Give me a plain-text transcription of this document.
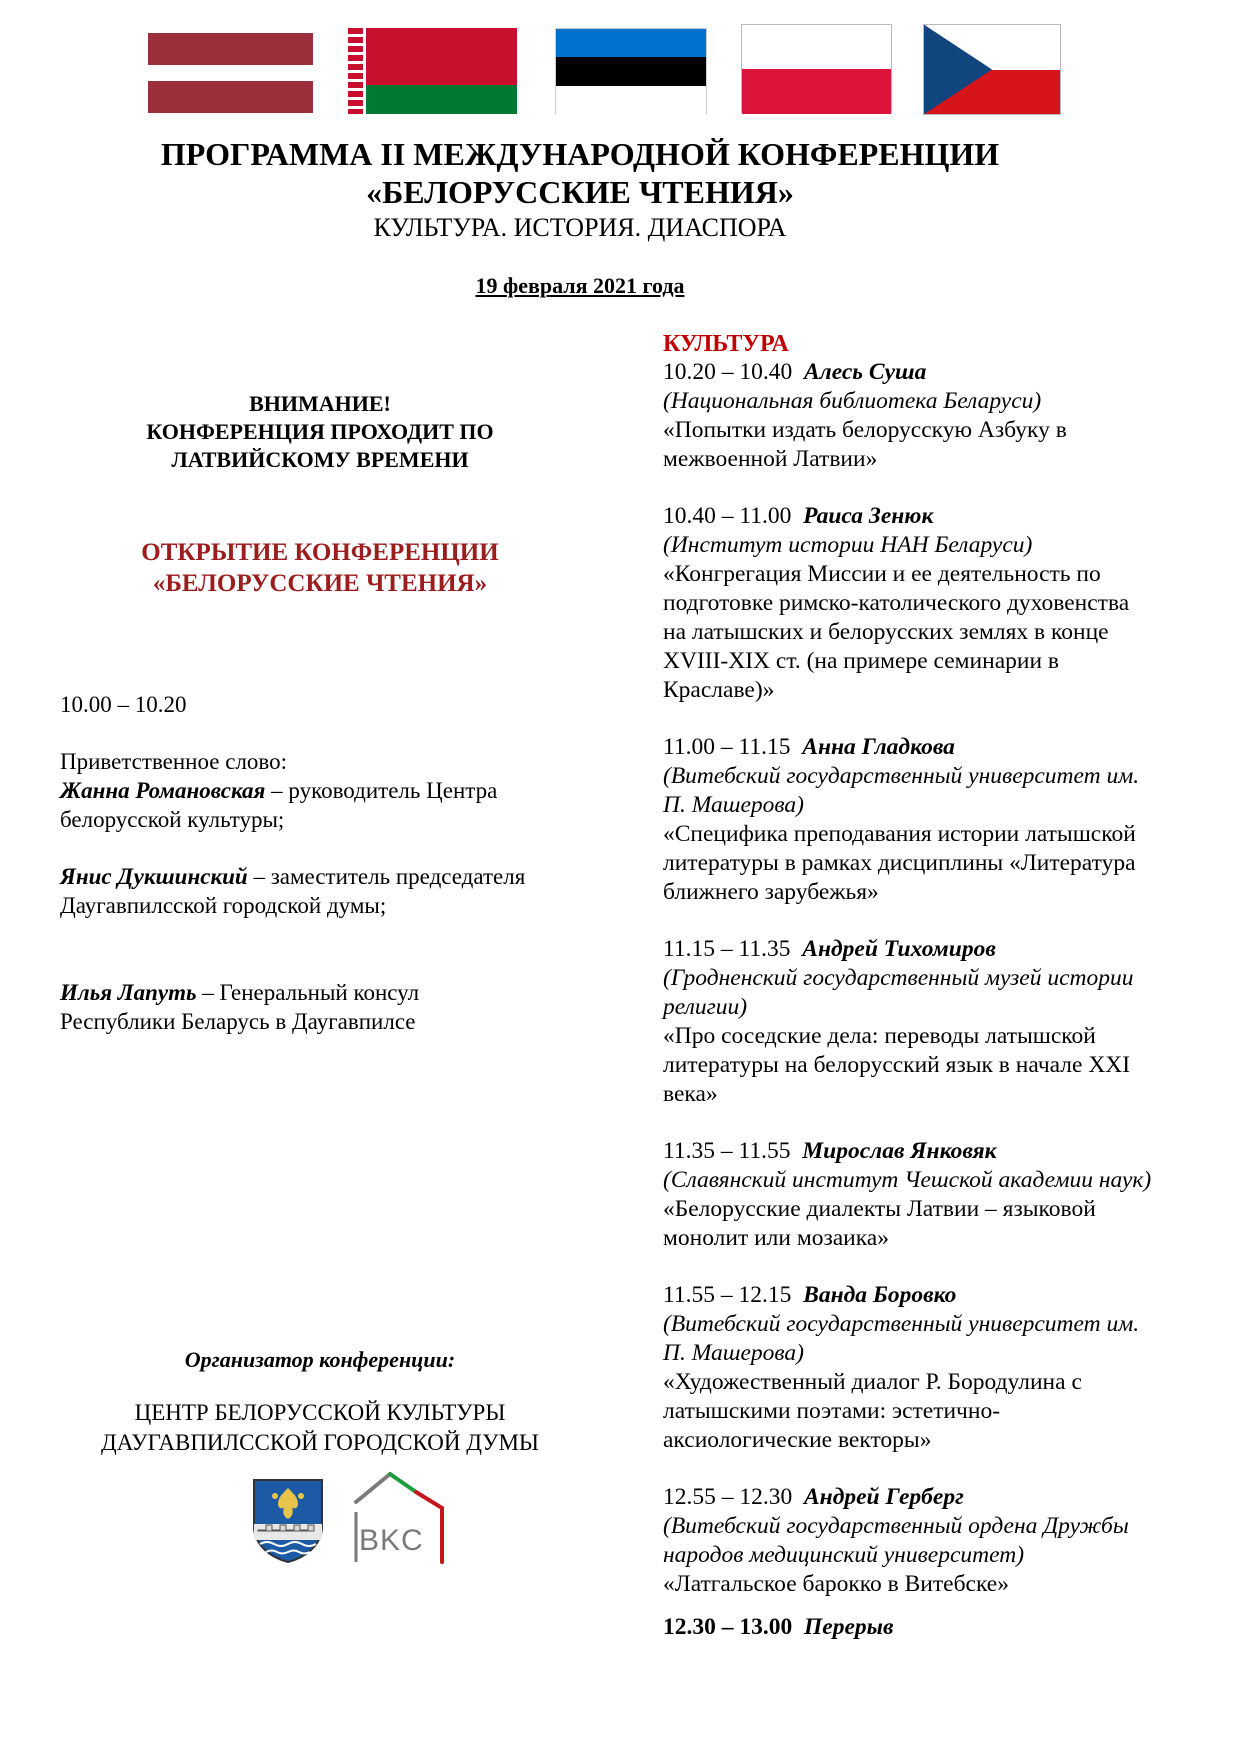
ПРОГРАММА II МЕЖДУНАРОДНОЙ КОНФЕРЕНЦИИ
«БЕЛОРУССКИЕ ЧТЕНИЯ»
КУЛЬТУРА. ИСТОРИЯ. ДИАСПОРА
19 февраля 2021 года
ВНИМАНИЕ!
КОНФЕРЕНЦИЯ ПРОХОДИТ ПО
ЛАТВИЙСКОМУ ВРЕМЕНИ
ОТКРЫТИЕ КОНФЕРЕНЦИИ
«БЕЛОРУССКИЕ ЧТЕНИЯ»
10.00 – 10.20
Приветственное слово:
Жанна Романовская – руководитель Центра
белорусской культуры;
Янис Дукшинский – заместитель председателя
Даугавпилсской городской думы;
Илья Лапуть – Генеральный консул
Республики Беларусь в Даугавпилсе
Организатор конференции:
ЦЕНТР БЕЛОРУССКОЙ КУЛЬТУРЫ
ДАУГАВПИЛССКОЙ ГОРОДСКОЙ ДУМЫ
BKC
КУЛЬТУРА
10.20 – 10.40 Алесь Суша
(Национальная библиотека Беларуси)
«Попытки издать белорусскую Азбуку в
межвоенной Латвии»
10.40 – 11.00 Раиса Зенюк
(Институт истории НАН Беларуси)
«Конгрегация Миссии и ее деятельность по
подготовке римско-католического духовенства
на латышских и белорусских землях в конце
XVIII-XIX ст. (на примере семинарии в
Краславе)»
11.00 – 11.15 Анна Гладкова
(Витебский государственный университет им.
П. Машерова)
«Специфика преподавания истории латышской
литературы в рамках дисциплины «Литература
ближнего зарубежья»
11.15 – 11.35 Андрей Тихомиров
(Гродненский государственный музей истории
религии)
«Про соседские дела: переводы латышской
литературы на белорусский язык в начале XXI
века»
11.35 – 11.55 Мирослав Янковяк
(Славянский институт Чешской академии наук)
«Белорусские диалекты Латвии – языковой
монолит или мозаика»
11.55 – 12.15 Ванда Боровко
(Витебский государственный университет им.
П. Машерова)
«Художественный диалог Р. Бородулина с
латышскими поэтами: эстетично-
аксиологические векторы»
12.55 – 12.30 Андрей Герберг
(Витебский государственный ордена Дружбы
народов медицинский университет)
«Латгальское барокко в Витебске»
12.30 – 13.00 Перерыв
